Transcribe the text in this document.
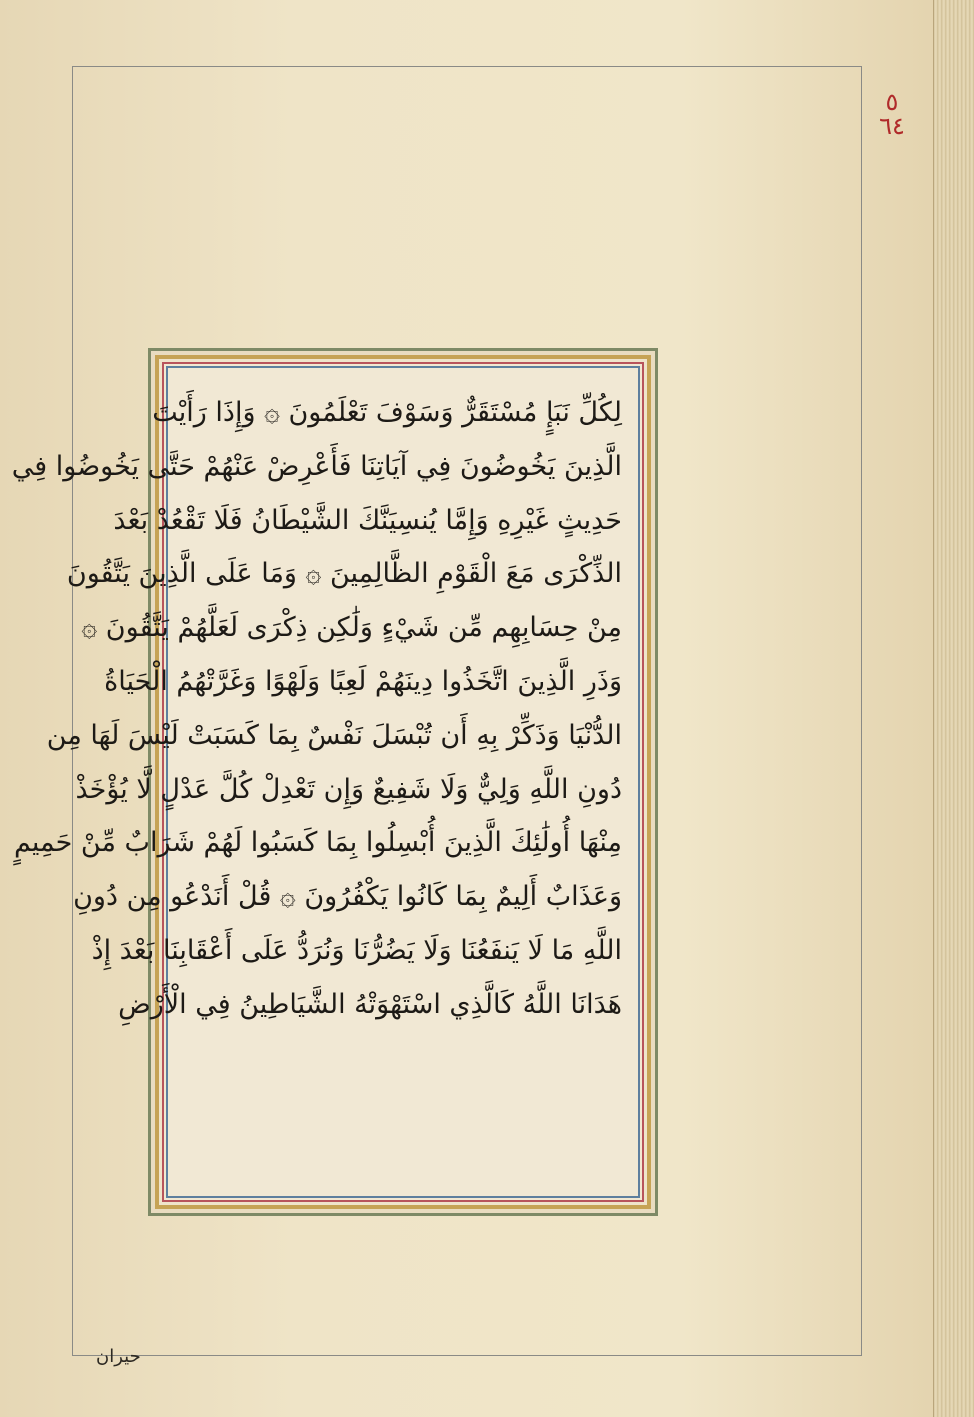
٥
٦٤
لِكُلِّ نَبَإٍ مُسْتَقَرٌّ وَسَوْفَ تَعْلَمُونَ ۞ وَإِذَا رَأَيْتَ
الَّذِينَ يَخُوضُونَ فِي آيَاتِنَا فَأَعْرِضْ عَنْهُمْ حَتَّى يَخُوضُوا فِي
حَدِيثٍ غَيْرِهِ وَإِمَّا يُنسِيَنَّكَ الشَّيْطَانُ فَلَا تَقْعُدْ بَعْدَ
الذِّكْرَى مَعَ الْقَوْمِ الظَّالِمِينَ ۞ وَمَا عَلَى الَّذِينَ يَتَّقُونَ
مِنْ حِسَابِهِم مِّن شَيْءٍ وَلَٰكِن ذِكْرَى لَعَلَّهُمْ يَتَّقُونَ ۞
وَذَرِ الَّذِينَ اتَّخَذُوا دِينَهُمْ لَعِبًا وَلَهْوًا وَغَرَّتْهُمُ الْحَيَاةُ
الدُّنْيَا وَذَكِّرْ بِهِ أَن تُبْسَلَ نَفْسٌ بِمَا كَسَبَتْ لَيْسَ لَهَا مِن
دُونِ اللَّهِ وَلِيٌّ وَلَا شَفِيعٌ وَإِن تَعْدِلْ كُلَّ عَدْلٍ لَّا يُؤْخَذْ
مِنْهَا أُولَٰئِكَ الَّذِينَ أُبْسِلُوا بِمَا كَسَبُوا لَهُمْ شَرَابٌ مِّنْ حَمِيمٍ
وَعَذَابٌ أَلِيمٌ بِمَا كَانُوا يَكْفُرُونَ ۞ قُلْ أَنَدْعُو مِن دُونِ
اللَّهِ مَا لَا يَنفَعُنَا وَلَا يَضُرُّنَا وَنُرَدُّ عَلَى أَعْقَابِنَا بَعْدَ إِذْ
هَدَانَا اللَّهُ كَالَّذِي اسْتَهْوَتْهُ الشَّيَاطِينُ فِي الْأَرْضِ
حيران
